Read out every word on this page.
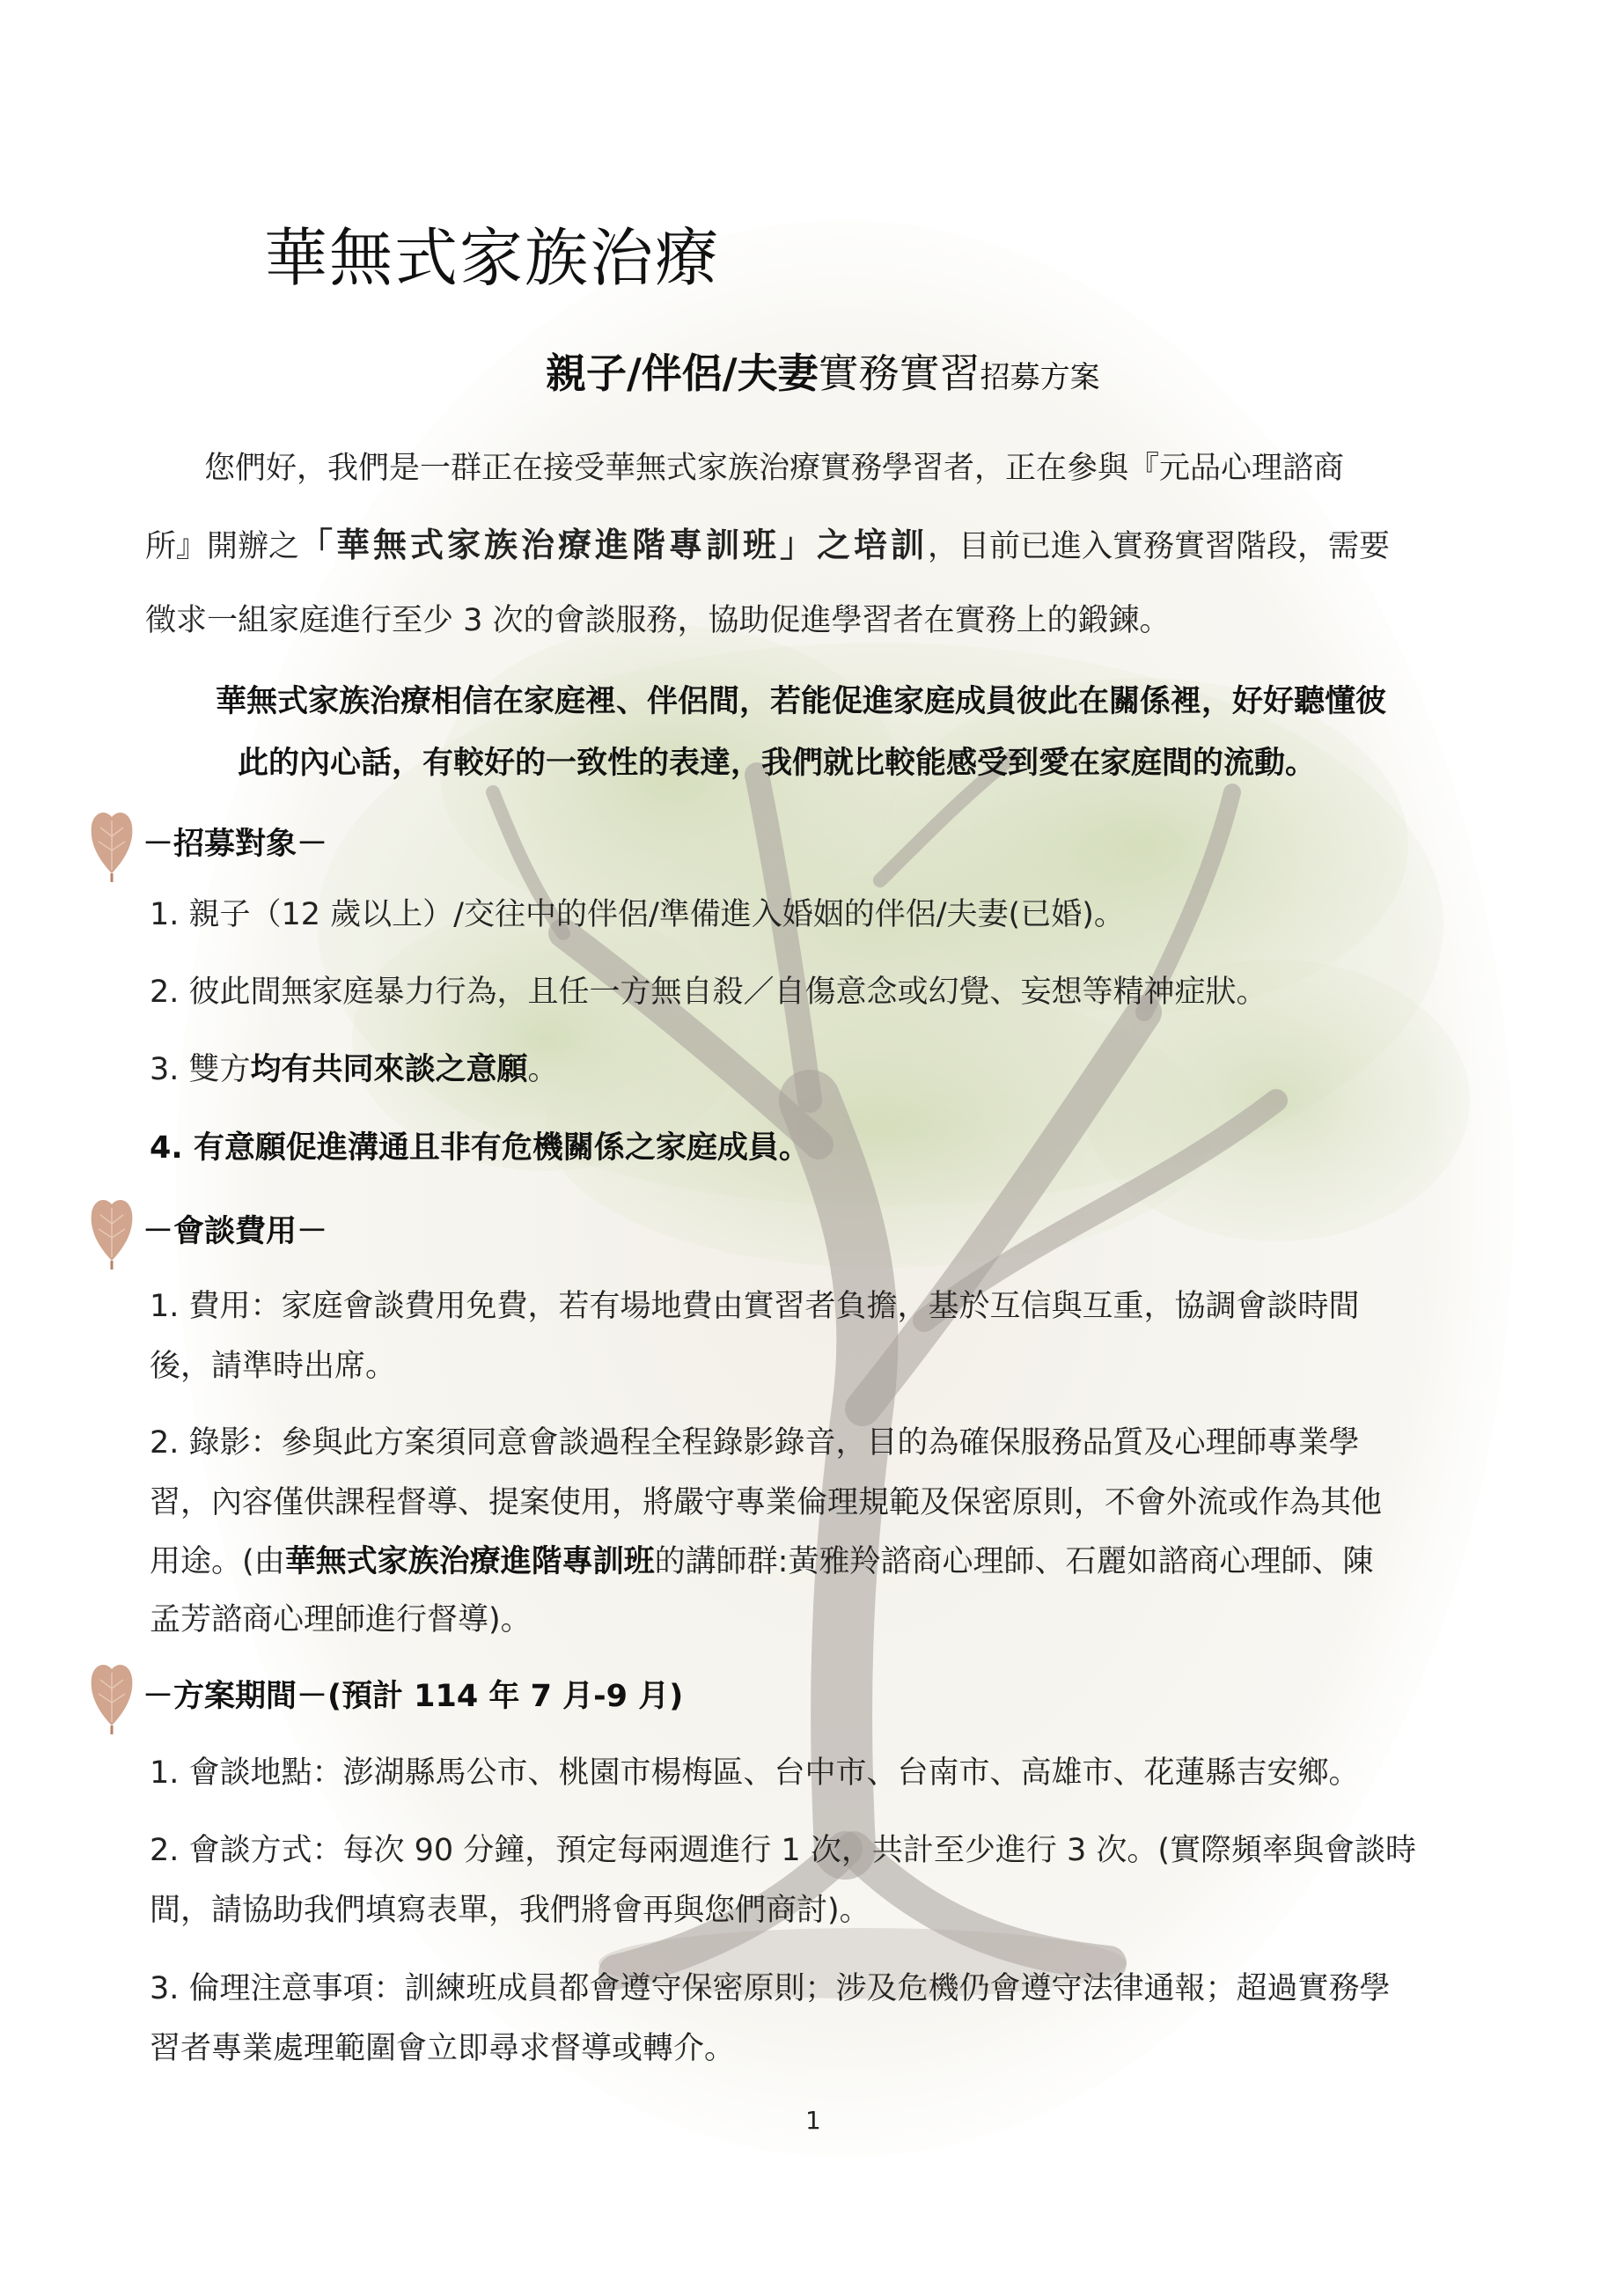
華無式家族治療
親子/伴侶/夫妻實務實習招募方案
您們好，我們是一群正在接受華無式家族治療實務學習者，正在參與『元品心理諮商
所』開辦之「華無式家族治療進階專訓班」之培訓，目前已進入實務實習階段，需要
徵求一組家庭進行至少 3 次的會談服務，協助促進學習者在實務上的鍛鍊。
華無式家族治療相信在家庭裡、伴侶間，若能促進家庭成員彼此在關係裡，好好聽懂彼
此的內心話，有較好的一致性的表達，我們就比較能感受到愛在家庭間的流動。
－招募對象－
1. 親子（12 歲以上）/交往中的伴侶/準備進入婚姻的伴侶/夫妻(已婚)。
2. 彼此間無家庭暴力行為，且任一方無自殺／自傷意念或幻覺、妄想等精神症狀。
3. 雙方均有共同來談之意願。
4. 有意願促進溝通且非有危機關係之家庭成員。
－會談費用－
1. 費用：家庭會談費用免費，若有場地費由實習者負擔，基於互信與互重，協調會談時間
後，請準時出席。
2. 錄影：參與此方案須同意會談過程全程錄影錄音，目的為確保服務品質及心理師專業學
習，內容僅供課程督導、提案使用，將嚴守專業倫理規範及保密原則，不會外流或作為其他
用途。(由華無式家族治療進階專訓班的講師群:黃雅羚諮商心理師、石麗如諮商心理師、陳
孟芳諮商心理師進行督導)。
－方案期間－(預計 114 年 7 月-9 月)
1. 會談地點：澎湖縣馬公市、桃園市楊梅區、台中市、台南市、高雄市、花蓮縣吉安鄉。
2. 會談方式：每次 90 分鐘，預定每兩週進行 1 次，共計至少進行 3 次。(實際頻率與會談時
間，請協助我們填寫表單，我們將會再與您們商討)。
3. 倫理注意事項：訓練班成員都會遵守保密原則；涉及危機仍會遵守法律通報；超過實務學
習者專業處理範圍會立即尋求督導或轉介。
1
